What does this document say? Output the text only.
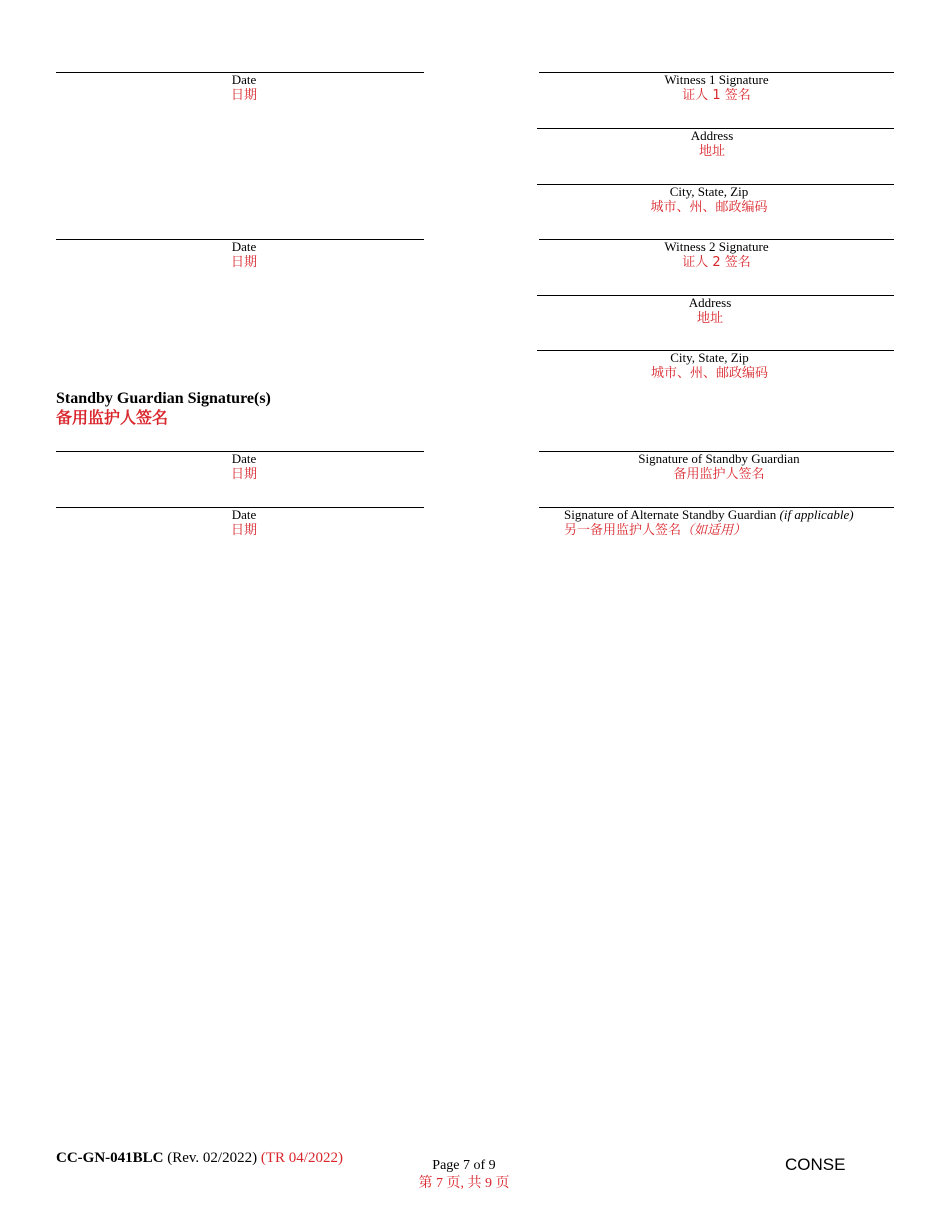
Date
日期
Date
日期
Witness 1 Signature
证人 1 签名
Address
地址
City, State, Zip
城市、州、邮政编码
Witness 2 Signature
证人 2 签名
Address
地址
City, State, Zip
城市、州、邮政编码
Standby Guardian Signature(s)
备用监护人签名
Date
日期
Signature of Standby Guardian
备用监护人签名
Date
日期
Signature of Alternate Standby Guardian (if applicable)
另一备用监护人签名（如适用）
CC-GN-041BLC (Rev. 02/2022) (TR 04/2022)	Page 7 of 9
第 7 页, 共 9 页
CONSE
